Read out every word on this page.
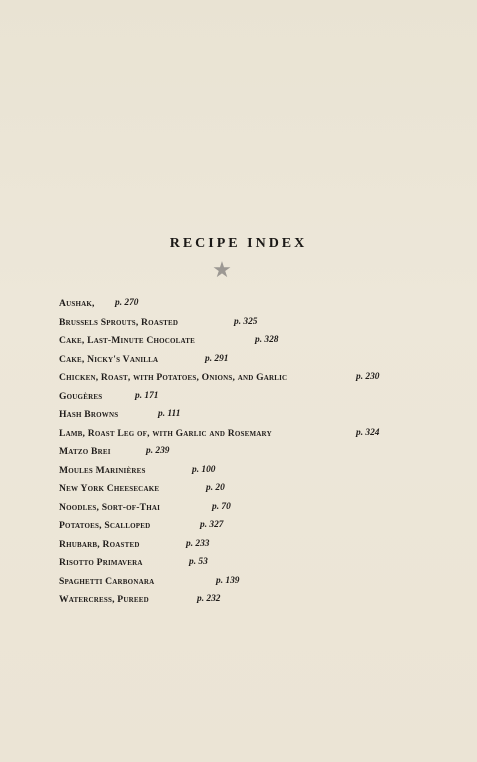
RECIPE INDEX
★
Aushak, p. 270
Brussels Sprouts, Roasted	p. 325
Cake, Last-Minute Chocolate	p. 328
Cake, Nicky's Vanilla	p. 291
Chicken, Roast, with Potatoes, Onions, and Garlic	p. 230
Gougères	p. 171
Hash Browns	p. 111
Lamb, Roast Leg of, with Garlic and Rosemary	p. 324
Matzo Brei	p. 239
Moules Marinières	p. 100
New York Cheesecake	p. 20
Noodles, Sort-of-Thai	p. 70
Potatoes, Scalloped	p. 327
Rhubarb, Roasted	p. 233
Risotto Primavera	p. 53
Spaghetti Carbonara	p. 139
Watercress, Pureed	p. 232
